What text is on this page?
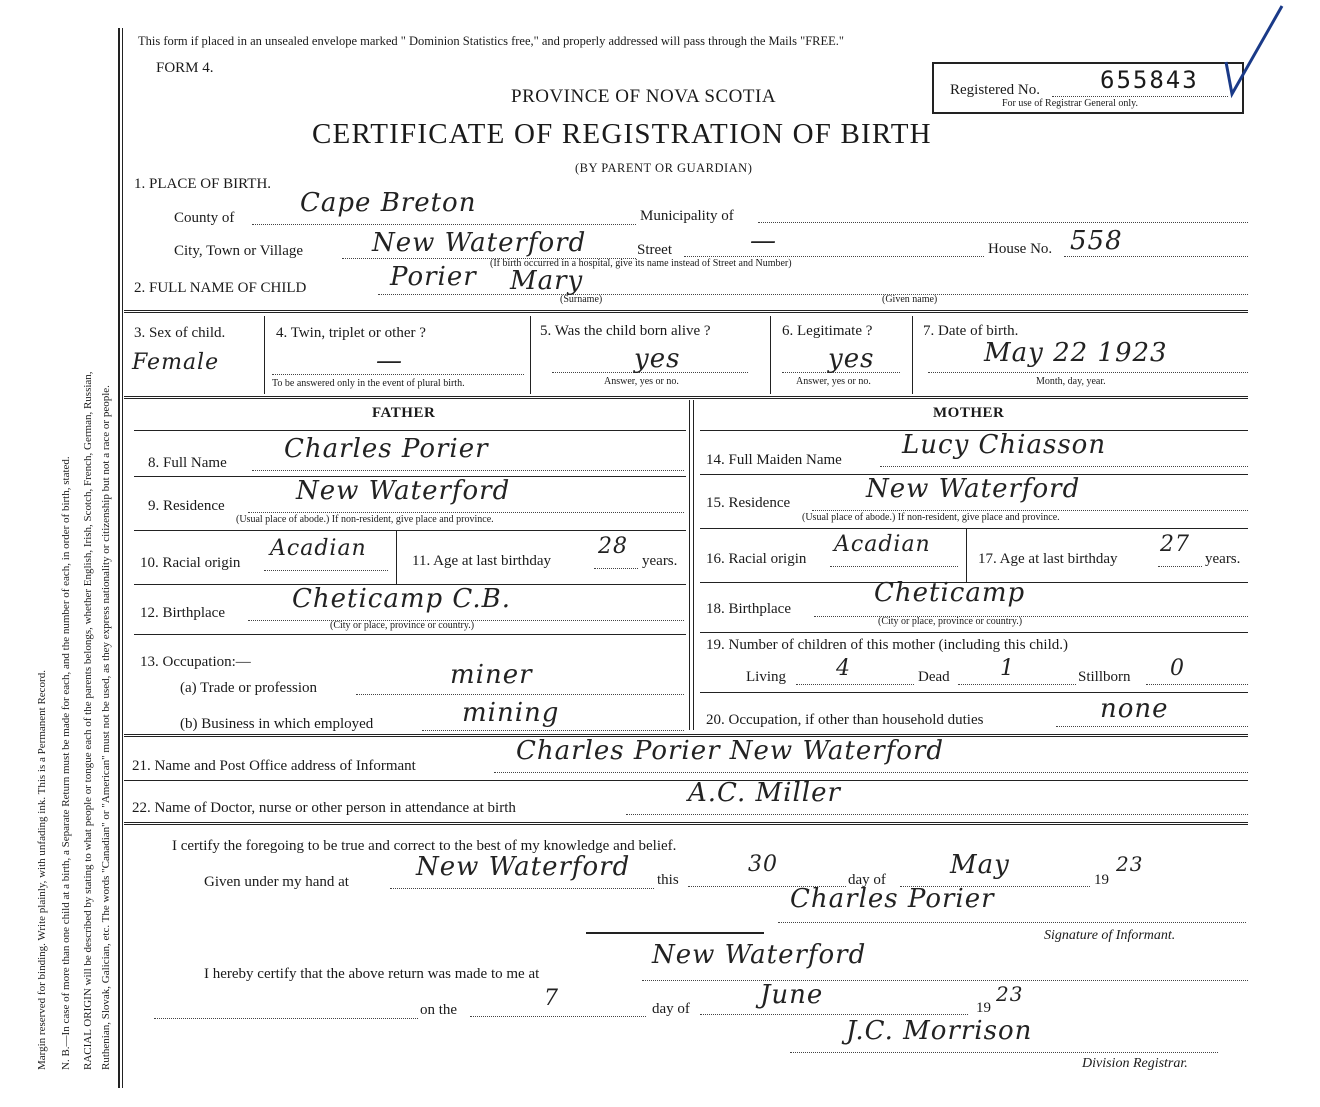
Margin reserved for binding. Write plainly, with unfading ink. This is a Permanent Record. N. B.—In case of more than one child at a birth, a Separate Return must be made for each, and the number of each, in order of birth, stated. RACIAL ORIGIN will be described by stating to what people or tongue each of the parents belongs, whether English, Irish, Scotch, French, German, Russian, Ruthenian, Slovak, Galician, etc. The words "Canadian" or "American" must not be used, as they express nationality or citizenship but not a race or people.
This form if placed in an unsealed envelope marked " Dominion Statistics free," and properly addressed will pass through the Mails "FREE."
FORM 4.
PROVINCE OF NOVA SCOTIA
CERTIFICATE OF REGISTRATION OF BIRTH
(BY PARENT OR GUARDIAN)
Registered No.	655843
For use of Registrar General only.
1. PLACE OF BIRTH.
County of	Cape Breton	Municipality of
City, Town or Village	New Waterford	Street	—	House No. 558
(If birth occurred in a hospital, give its name instead of Street and Number)
2. FULL NAME OF CHILD	Porier Mary
(Surname)	(Given name)
3. Sex of child.
Female
4. Twin, triplet or other ?
—
To be answered only in the event of plural birth.
5. Was the child born alive ?
yes
Answer, yes or no.
6. Legitimate ?
yes
Answer, yes or no.
7. Date of birth.
May 22 1923
Month, day, year.
FATHER
8. Full Name Charles Porier
9. Residence	New Waterford
(Usual place of abode.) If non-resident, give place and province.
10. Racial origin
Acadian	11. Age at last birthday
28
years.
12. Birthplace	Cheticamp C.B.
(City or place, province or country.)
13. Occupation:—
(a) Trade or profession	miner
(b) Business in which employed	mining
MOTHER
14. Full Maiden Name Lucy Chiasson
15. Residence	New Waterford
(Usual place of abode.) If non-resident, give place and province.
16. Racial origin
Acadian
17. Age at last birthday
27
years.
18. Birthplace
Cheticamp
(City or place, province or country.)
19. Number of children of this mother (including this child.)
Living 4	Dead 1	Stillborn 0
20. Occupation, if other than household duties	none
21. Name and Post Office address of Informant	Charles Porier New Waterford
22. Name of Doctor, nurse or other person in attendance at birth	A.C. Miller
I certify the foregoing to be true and correct to the best of my knowledge and belief.
Given under my hand at	New Waterford this
30
day of May	19
23
Charles Porier
Signature of Informant.
I hereby certify that the above return was made to me at
New Waterford
on the	7	day of	June	19
23
J.C. Morrison
Division Registrar.
